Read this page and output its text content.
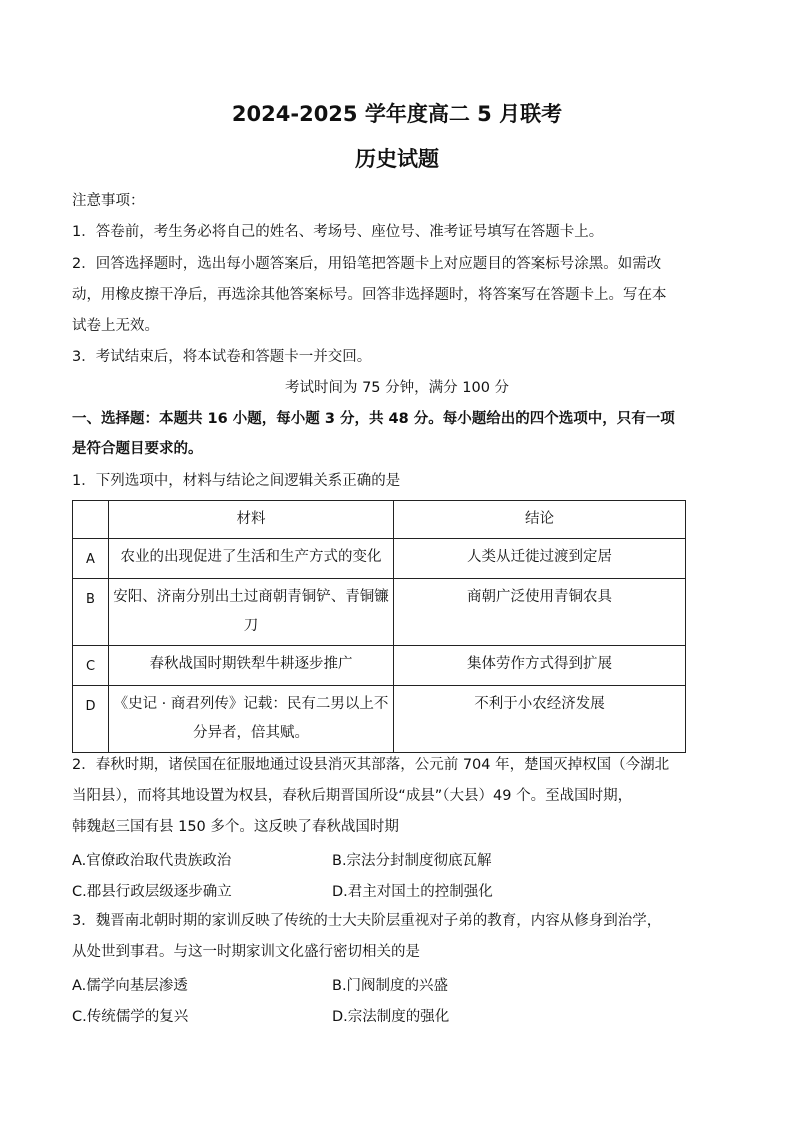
2024-2025 学年度高二 5 月联考
历史试题
注意事项：
1．答卷前，考生务必将自己的姓名、考场号、座位号、准考证号填写在答题卡上。
2．回答选择题时，选出每小题答案后，用铅笔把答题卡上对应题目的答案标号涂黑。如需改
动，用橡皮擦干净后，再选涂其他答案标号。回答非选择题时，将答案写在答题卡上。写在本
试卷上无效。
3．考试结束后，将本试卷和答题卡一并交回。
考试时间为 75 分钟，满分 100 分
一、选择题：本题共 16 小题，每小题 3 分，共 48 分。每小题给出的四个选项中，只有一项
是符合题目要求的。
1．下列选项中，材料与结论之间逻辑关系正确的是
	材料	结论
A	农业的出现促进了生活和生产方式的变化	人类从迁徙过渡到定居
B	安阳、济南分别出土过商朝青铜铲、青铜镰刀	商朝广泛使用青铜农具
C	春秋战国时期铁犁牛耕逐步推广	集体劳作方式得到扩展
D	《史记 · 商君列传》记载：民有二男以上不分异者，倍其赋。	不利于小农经济发展
2．春秋时期，诸侯国在征服地通过设县消灭其部落，公元前 704 年，楚国灭掉权国（今湖北
当阳县），而将其地设置为权县，春秋后期晋国所设“成县”（大县）49 个。至战国时期，
韩魏赵三国有县 150 多个。这反映了春秋战国时期
A.官僚政治取代贵族政治	B.宗法分封制度彻底瓦解
C.郡县行政层级逐步确立	D.君主对国土的控制强化
3．魏晋南北朝时期的家训反映了传统的士大夫阶层重视对子弟的教育，内容从修身到治学，
从处世到事君。与这一时期家训文化盛行密切相关的是
A.儒学向基层渗透	B.门阀制度的兴盛
C.传统儒学的复兴	D.宗法制度的强化
